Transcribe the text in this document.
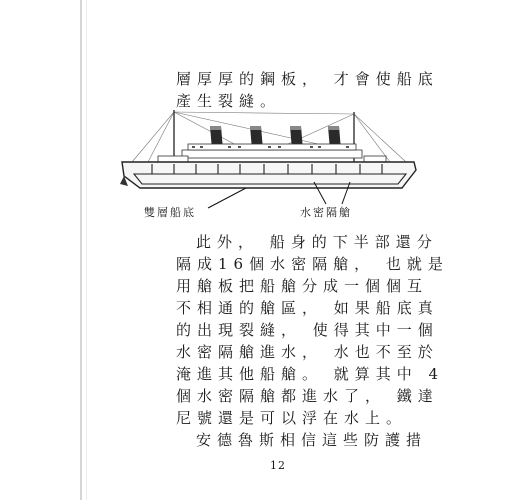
層厚厚的鋼板， 才會使船底

產生裂縫。

雙層船底	水密隔艙

此外， 船身的下半部還分

隔成16個水密隔艙， 也就是

用艙板把船艙分成一個個互

不相通的艙區， 如果船底真

的出現裂縫， 使得其中一個

水密隔艙進水， 水也不至於

淹進其他船艙。 就算其中 4

個水密隔艙都進水了， 鐵達

尼號還是可以浮在水上。

安德魯斯相信這些防護措

12
